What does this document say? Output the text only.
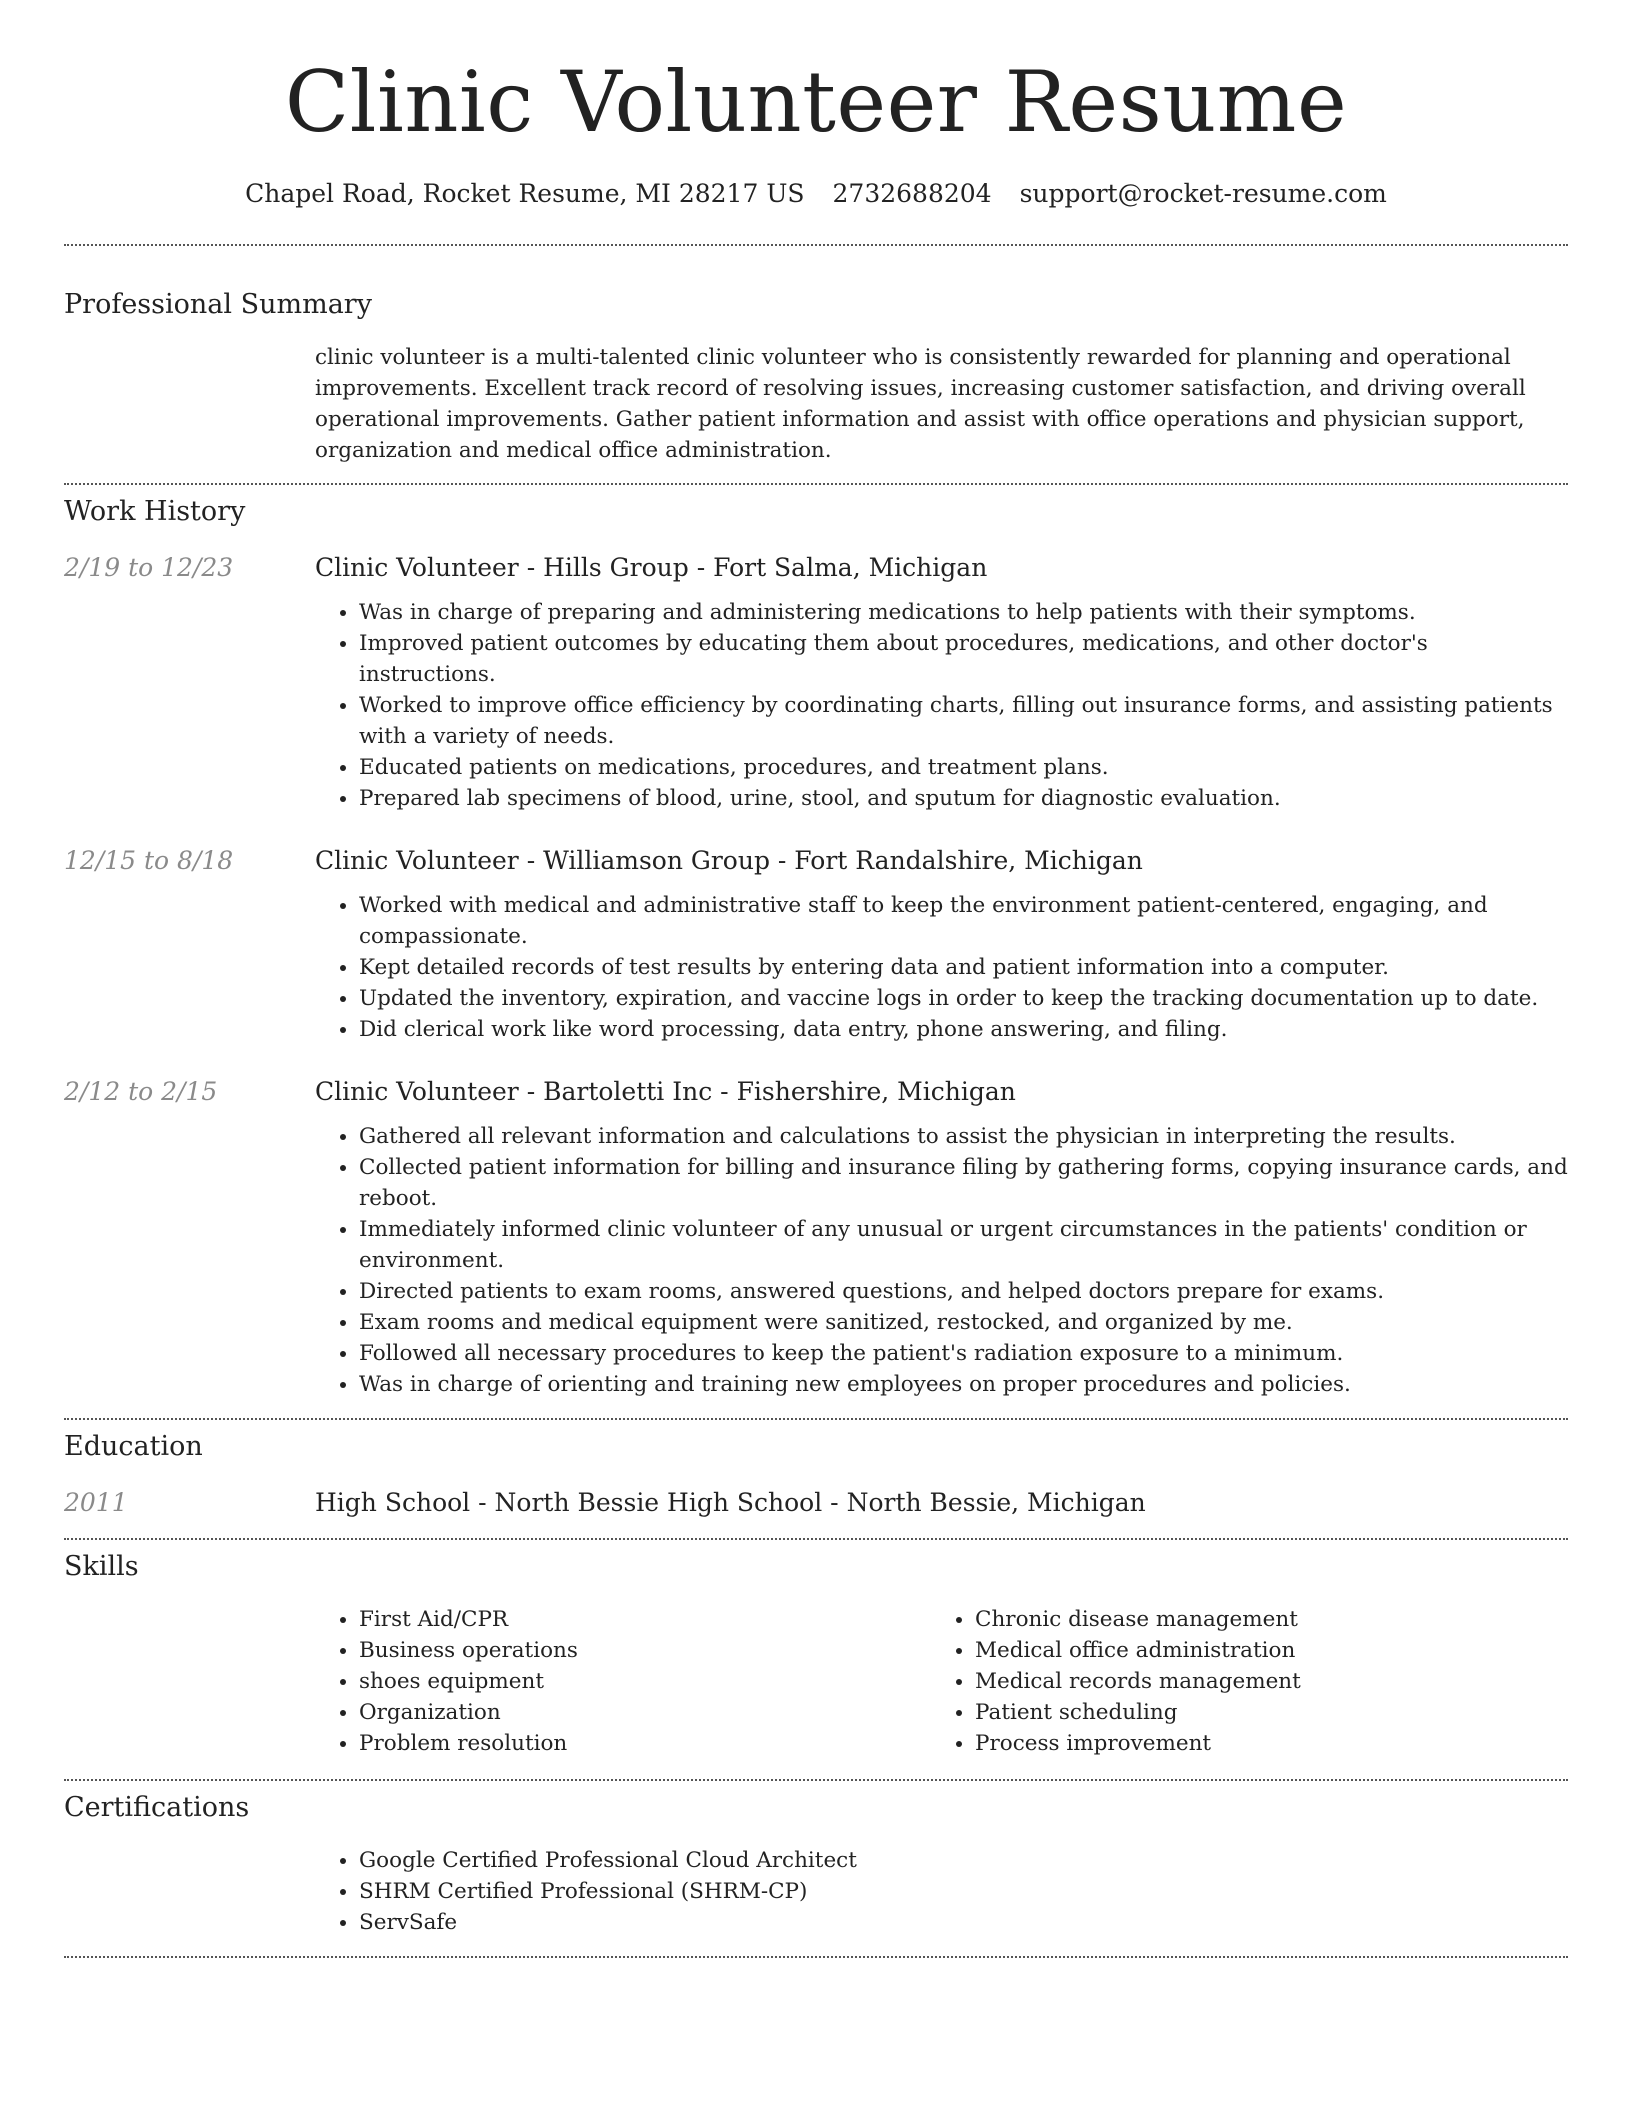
Clinic Volunteer Resume
Chapel Road, Rocket Resume, MI 28217 US 2732688204 support@rocket-resume.com
Professional Summary
clinic volunteer is a multi-talented clinic volunteer who is consistently rewarded for planning and operational improvements. Excellent track record of resolving issues, increasing customer satisfaction, and driving overall operational improvements. Gather patient information and assist with office operations and physician support, organization and medical office administration.
Work History
2/19 to 12/23	Clinic Volunteer - Hills Group - Fort Salma, Michigan
• Was in charge of preparing and administering medications to help patients with their symptoms.
• Improved patient outcomes by educating them about procedures, medications, and other doctor's instructions.
• Worked to improve office efficiency by coordinating charts, filling out insurance forms, and assisting patients with a variety of needs.
• Educated patients on medications, procedures, and treatment plans.
• Prepared lab specimens of blood, urine, stool, and sputum for diagnostic evaluation.
12/15 to 8/18	Clinic Volunteer - Williamson Group - Fort Randalshire, Michigan
• Worked with medical and administrative staff to keep the environment patient-centered, engaging, and compassionate.
• Kept detailed records of test results by entering data and patient information into a computer.
• Updated the inventory, expiration, and vaccine logs in order to keep the tracking documentation up to date.
• Did clerical work like word processing, data entry, phone answering, and filing.
2/12 to 2/15	Clinic Volunteer - Bartoletti Inc - Fishershire, Michigan
• Gathered all relevant information and calculations to assist the physician in interpreting the results.
• Collected patient information for billing and insurance filing by gathering forms, copying insurance cards, and reboot.
• Immediately informed clinic volunteer of any unusual or urgent circumstances in the patients' condition or environment.
• Directed patients to exam rooms, answered questions, and helped doctors prepare for exams.
• Exam rooms and medical equipment were sanitized, restocked, and organized by me.
• Followed all necessary procedures to keep the patient's radiation exposure to a minimum.
• Was in charge of orienting and training new employees on proper procedures and policies.
Education
2011	High School - North Bessie High School - North Bessie, Michigan
Skills
• First Aid/CPR
• Business operations
• shoes equipment
• Organization
• Problem resolution
• Chronic disease management
• Medical office administration
• Medical records management
• Patient scheduling
• Process improvement
Certifications
• Google Certified Professional Cloud Architect
• SHRM Certified Professional (SHRM-CP)
• ServSafe
